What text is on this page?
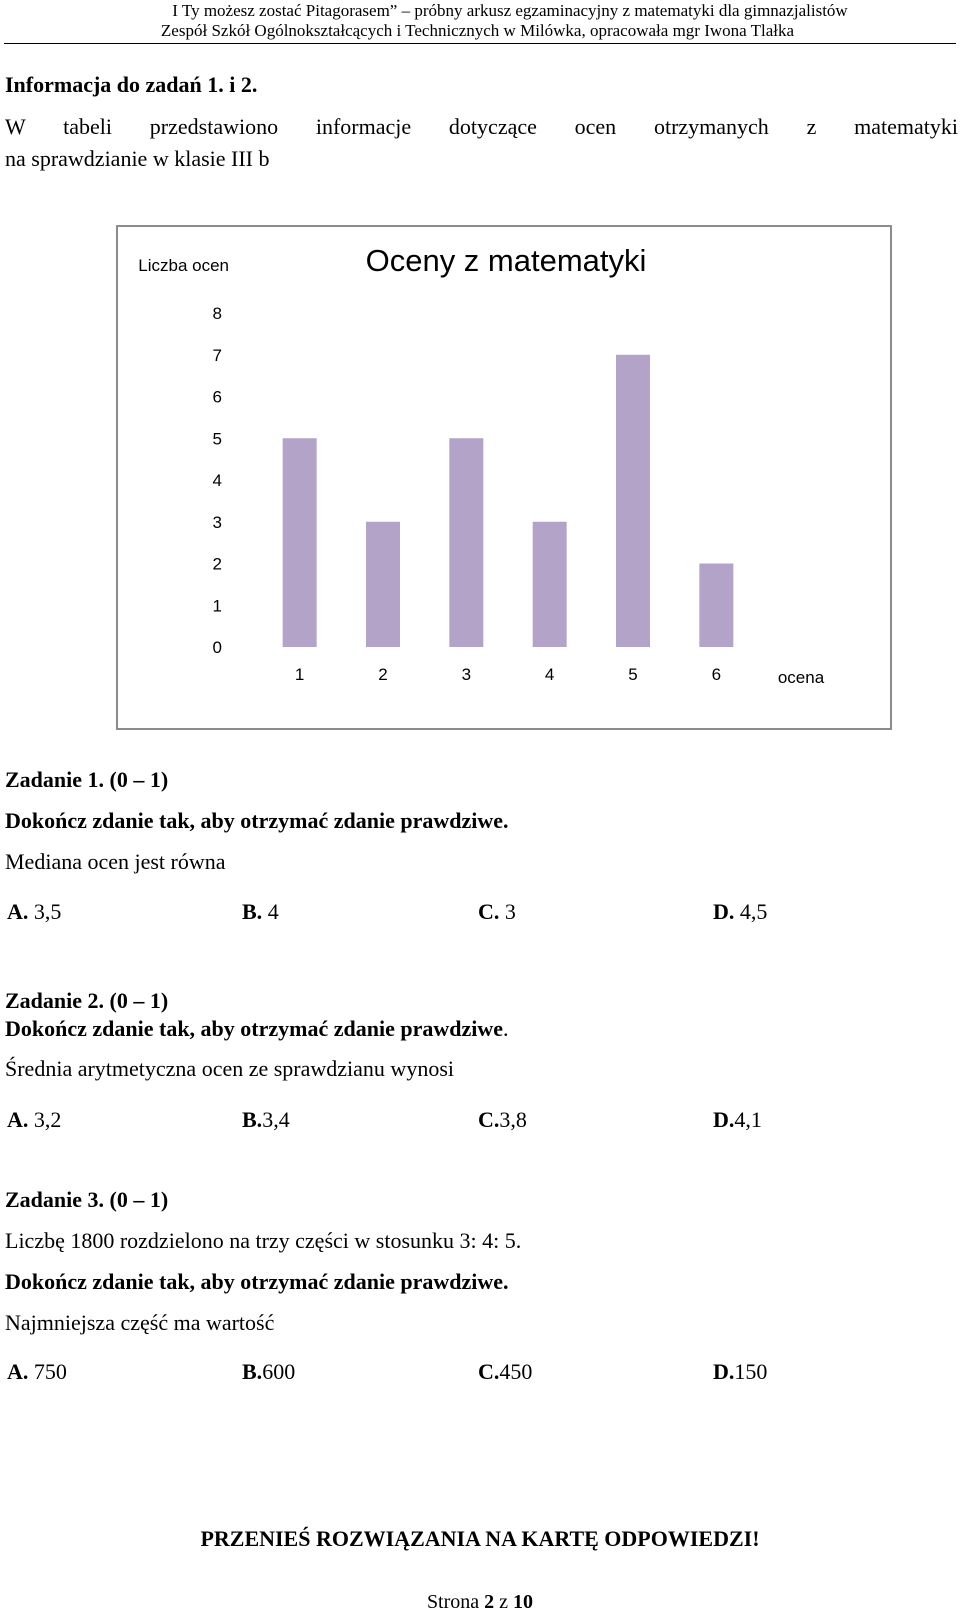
I Ty możesz zostać Pitagorasem” – próbny arkusz egzaminacyjny z matematyki dla gimnazjalistów
Zespół Szkół Ogólnokształcących i Technicznych w Milówka, opracowała mgr Iwona Tlałka
Informacja do zadań 1. i 2.
W tabeli przedstawiono informacje dotyczące ocen otrzymanych z matematyki
na sprawdzianie w klasie III b
Liczba ocen	Oceny z matematyki
ocena
0
1
2
3
4
5
6
7
8
1	2	3	4	5	6
Zadanie 1. (0 – 1)
Dokończ zdanie tak, aby otrzymać zdanie prawdziwe.
Mediana ocen jest równa
A. 3,5	B. 4	C. 3	D. 4,5
Zadanie 2. (0 – 1)
Dokończ zdanie tak, aby otrzymać zdanie prawdziwe.
Średnia arytmetyczna ocen ze sprawdzianu wynosi
A. 3,2	B.3,4	C.3,8	D.4,1
Zadanie 3. (0 – 1)
Liczbę 1800 rozdzielono na trzy części w stosunku 3: 4: 5.
Dokończ zdanie tak, aby otrzymać zdanie prawdziwe.
Najmniejsza część ma wartość
A. 750	B.600	C.450	D.150
PRZENIEŚ ROZWIĄZANIA NA KARTĘ ODPOWIEDZI!
Strona 2 z 10
